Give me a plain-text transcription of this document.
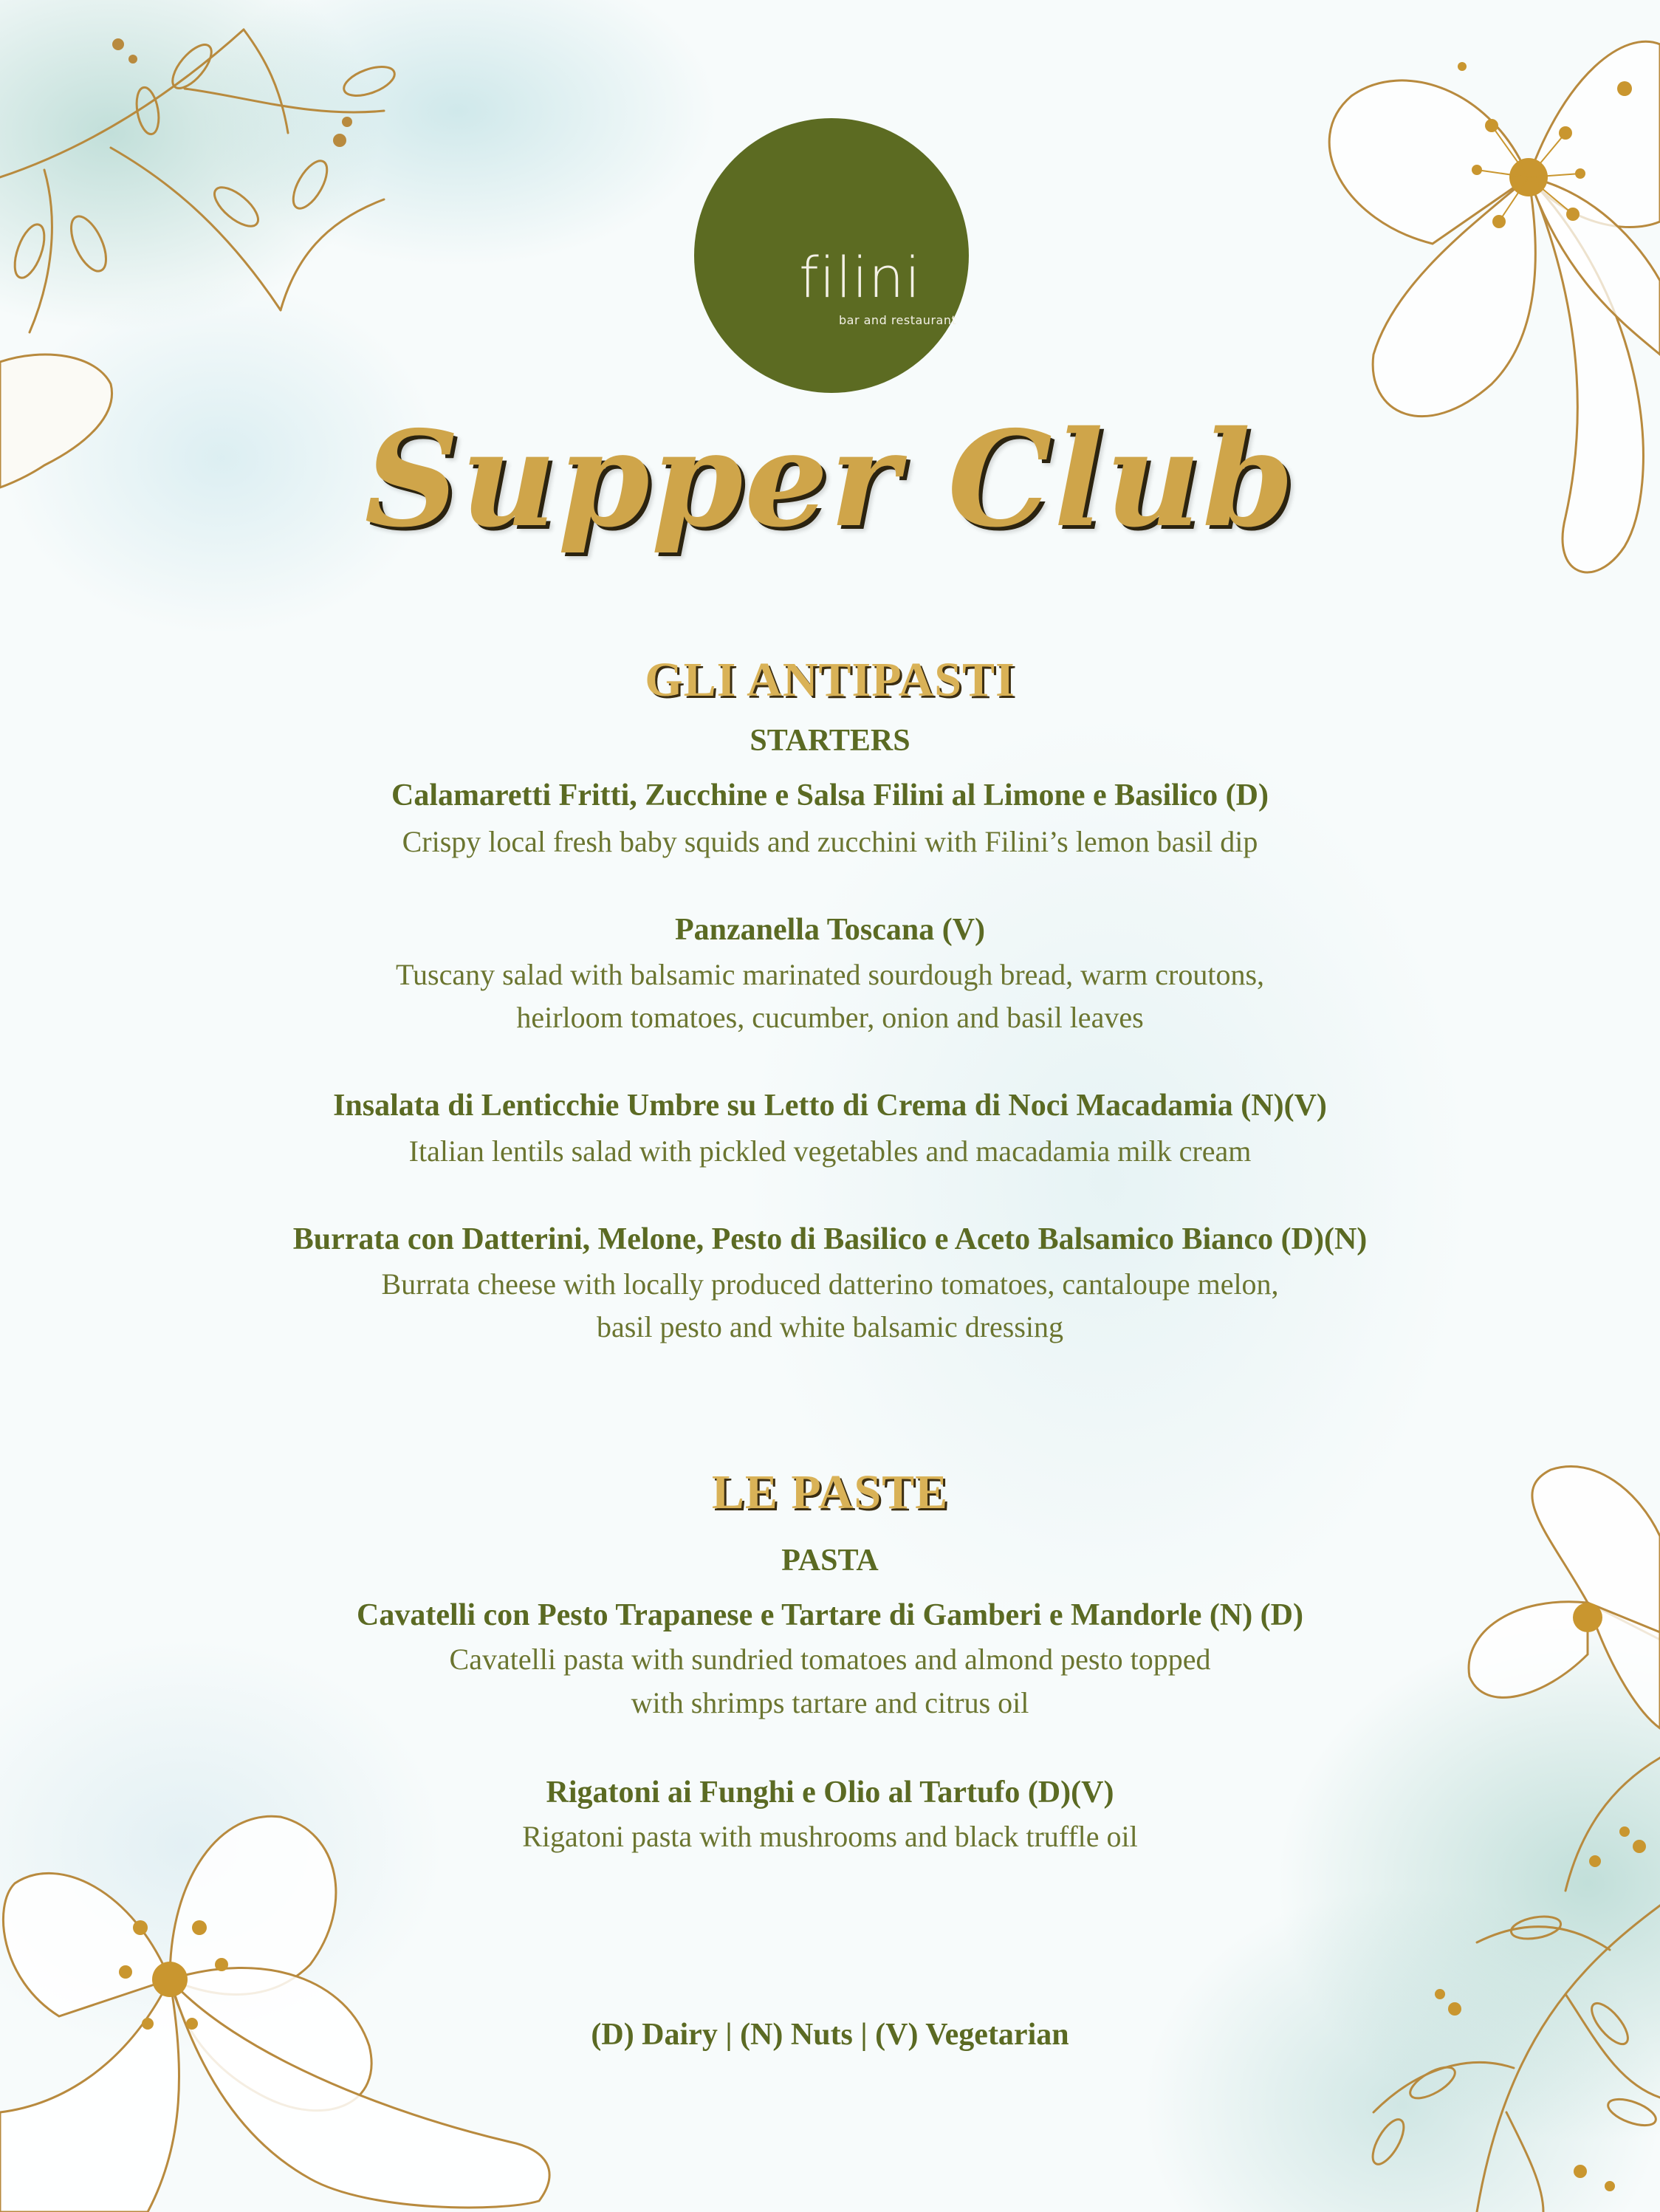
filini
bar and restaurant
Supper Club
GLI ANTIPASTI
STARTERS
Calamaretti Fritti, Zucchine e Salsa Filini al Limone e Basilico (D)
Crispy local fresh baby squids and zucchini with Filini’s lemon basil dip
Panzanella Toscana (V)
Tuscany salad with balsamic marinated sourdough bread, warm croutons,
heirloom tomatoes, cucumber, onion and basil leaves
Insalata di Lenticchie Umbre su Letto di Crema di Noci Macadamia (N)(V)
Italian lentils salad with pickled vegetables and macadamia milk cream
Burrata con Datterini, Melone, Pesto di Basilico e Aceto Balsamico Bianco (D)(N)
Burrata cheese with locally produced datterino tomatoes, cantaloupe melon,
basil pesto and white balsamic dressing
LE PASTE
PASTA
Cavatelli con Pesto Trapanese e Tartare di Gamberi e Mandorle (N) (D)
Cavatelli pasta with sundried tomatoes and almond pesto topped
with shrimps tartare and citrus oil
Rigatoni ai Funghi e Olio al Tartufo (D)(V)
Rigatoni pasta with mushrooms and black truffle oil
(D) Dairy | (N) Nuts | (V) Vegetarian
